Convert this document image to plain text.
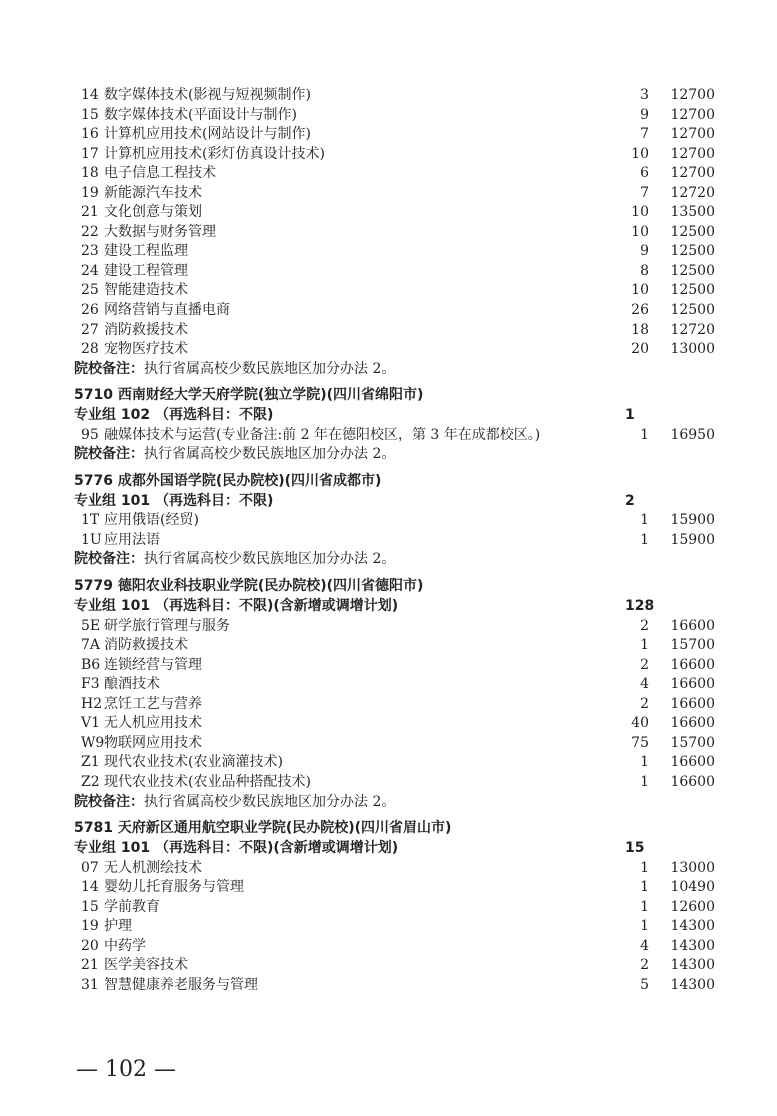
14 数字媒体技术(影视与短视频制作)	3 12700
15 数字媒体技术(平面设计与制作)	9 12700
16 计算机应用技术(网站设计与制作)	7 12700
17 计算机应用技术(彩灯仿真设计技术)	10 12700
18 电子信息工程技术	6 12700
19 新能源汽车技术	7 12720
21 文化创意与策划	10 13500
22 大数据与财务管理	10 12500
23 建设工程监理	9 12500
24 建设工程管理	8 12500
25 智能建造技术	10 12500
26 网络营销与直播电商	26 12500
27 消防救援技术	18 12720
28 宠物医疗技术	20 13000
院校备注：执行省属高校少数民族地区加分办法 2。
5710 西南财经大学天府学院(独立学院)(四川省绵阳市)
专业组 102 （再选科目：不限)	1
95 融媒体技术与运营(专业备注:前 2 年在德阳校区，第 3 年在成都校区。)	1 16950
院校备注：执行省属高校少数民族地区加分办法 2。
5776 成都外国语学院(民办院校)(四川省成都市)
专业组 101 （再选科目：不限)	2
1T 应用俄语(经贸)	1 15900
1U 应用法语	1 15900
院校备注：执行省属高校少数民族地区加分办法 2。
5779 德阳农业科技职业学院(民办院校)(四川省德阳市)
专业组 101 （再选科目：不限)(含新增或调增计划)	128
5E 研学旅行管理与服务	2 16600
7A 消防救援技术	1 15700
B6 连锁经营与管理	2 16600
F3 酿酒技术	4 16600
H2 烹饪工艺与营养	2 16600
V1 无人机应用技术	40 16600
W9 物联网应用技术	75 15700
Z1 现代农业技术(农业滴灌技术)	1 16600
Z2 现代农业技术(农业品种搭配技术)	1 16600
院校备注：执行省属高校少数民族地区加分办法 2。
5781 天府新区通用航空职业学院(民办院校)(四川省眉山市)
专业组 101 （再选科目：不限)(含新增或调增计划)	15
07 无人机测绘技术	1 13000
14 婴幼儿托育服务与管理	1 10490
15 学前教育	1 12600
19 护理	1 14300
20 中药学	4 14300
21 医学美容技术	2 14300
31 智慧健康养老服务与管理	5 14300
— 102 —
